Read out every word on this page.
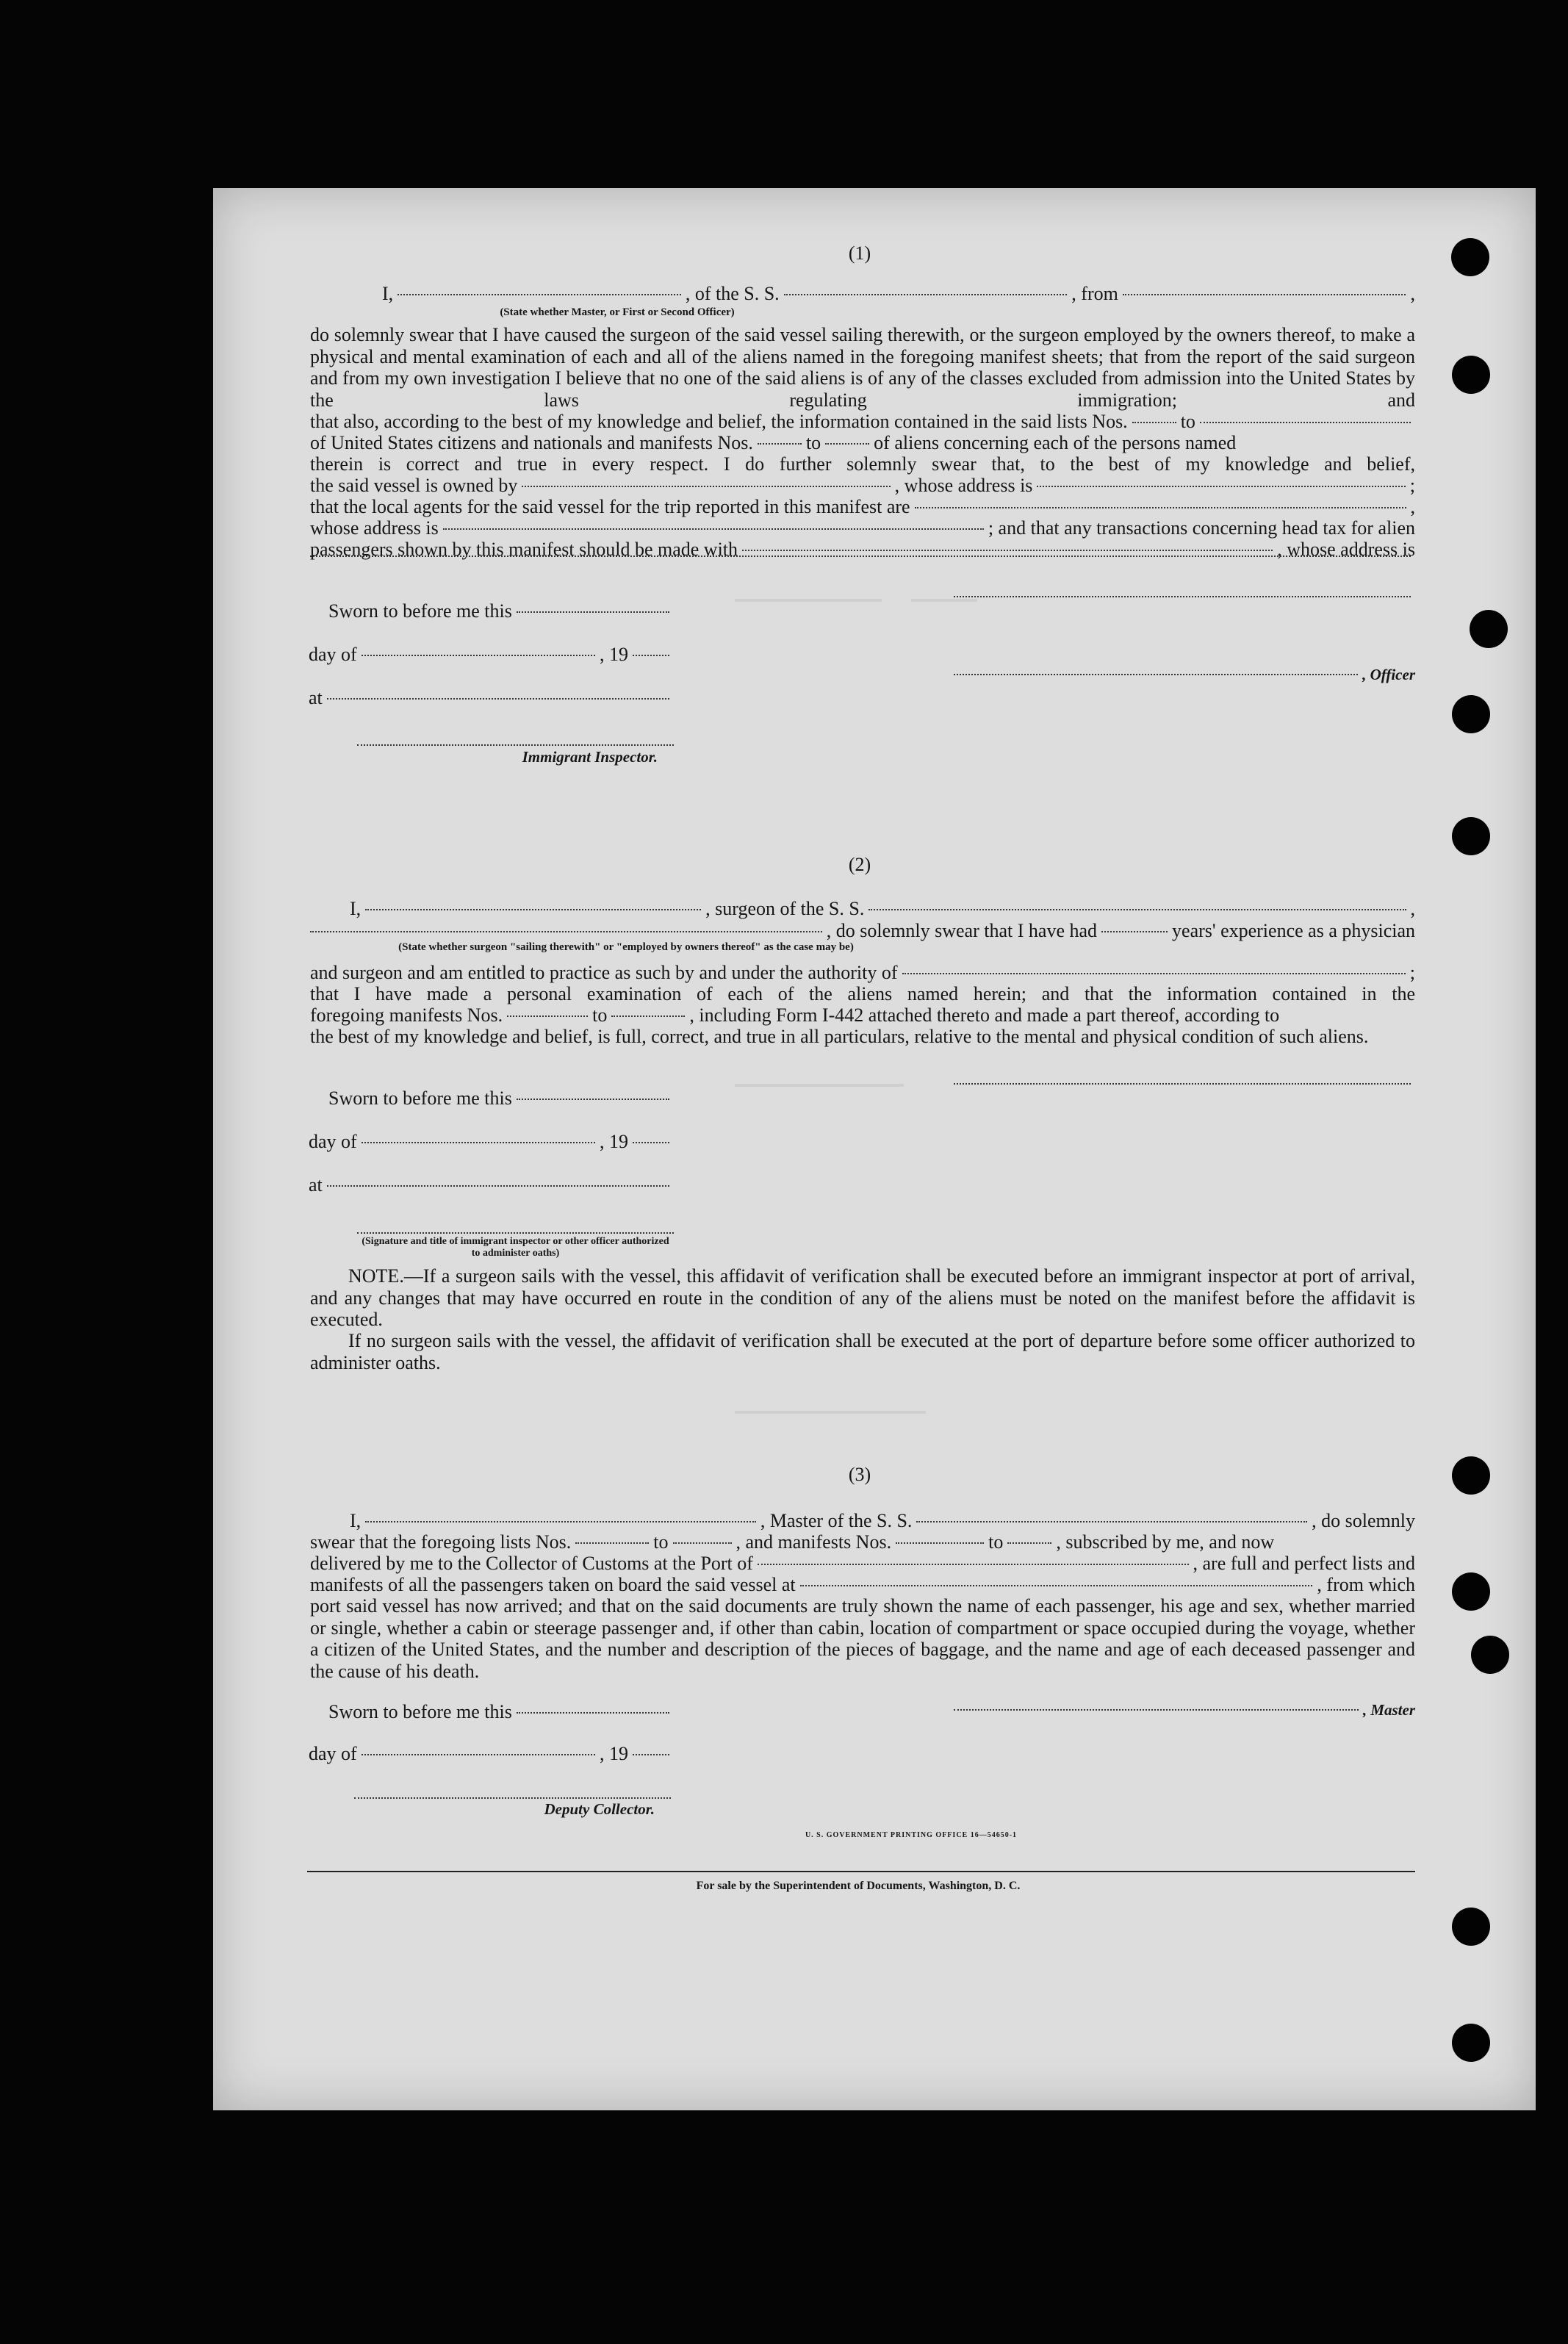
(1)
I,	, of the S. S.	, from	,
(State whether Master, or First or Second Officer)
do solemnly swear that I have caused the surgeon of the said vessel sailing therewith, or the surgeon employed by the owners thereof, to make a physical and mental examination of each and all of the aliens named in the foregoing manifest sheets; that from the report of the said surgeon and from my own investigation I believe that no one of the said aliens is of any of the classes excluded from admission into the United States by the laws regulating immigration; and
that also, according to the best of my knowledge and belief, the information contained in the said lists Nos.	to
of United States citizens and nationals and manifests Nos.	to	of aliens concerning each of the persons named
therein is correct and true in every respect. I do further solemnly swear that, to the best of my knowledge and belief,
the said vessel is owned by	, whose address is	;
that the local agents for the said vessel for the trip reported in this manifest are	,
whose address is	; and that any transactions concerning head tax for alien
passengers shown by this manifest should be made with	, whose address is
Sworn to before me this
day of	, 19
, Officer
at
Immigrant Inspector.
(2)
I,	, surgeon of the S. S.	,
, do solemnly swear that I have had	years' experience as a physician
(State whether surgeon "sailing therewith" or "employed by owners thereof" as the case may be)
and surgeon and am entitled to practice as such by and under the authority of	;
that I have made a personal examination of each of the aliens named herein; and that the information contained in the
foregoing manifests Nos.	to	, including Form I-442 attached thereto and made a part thereof, according to
the best of my knowledge and belief, is full, correct, and true in all particulars, relative to the mental and physical condition of such aliens.
Sworn to before me this
day of	, 19
at
(Signature and title of immigrant inspector or other officer authorized to administer oaths)
NOTE.—If a surgeon sails with the vessel, this affidavit of verification shall be executed before an immigrant inspector at port of arrival, and any changes that may have occurred en route in the condition of any of the aliens must be noted on the manifest before the affidavit is executed.
If no surgeon sails with the vessel, the affidavit of verification shall be executed at the port of departure before some officer authorized to administer oaths.
(3)
I,	, Master of the S. S.	, do solemnly
swear that the foregoing lists Nos.	to	, and manifests Nos.	to	, subscribed by me, and now
delivered by me to the Collector of Customs at the Port of	, are full and perfect lists and
manifests of all the passengers taken on board the said vessel at	, from which
port said vessel has now arrived; and that on the said documents are truly shown the name of each passenger, his age and sex, whether married or single, whether a cabin or steerage passenger and, if other than cabin, location of compartment or space occupied during the voyage, whether a citizen of the United States, and the number and description of the pieces of baggage, and the name and age of each deceased passenger and the cause of his death.
Sworn to before me this	, Master
day of	, 19
Deputy Collector.
U. S. GOVERNMENT PRINTING OFFICE 16—54650-1
For sale by the Superintendent of Documents, Washington, D. C.
